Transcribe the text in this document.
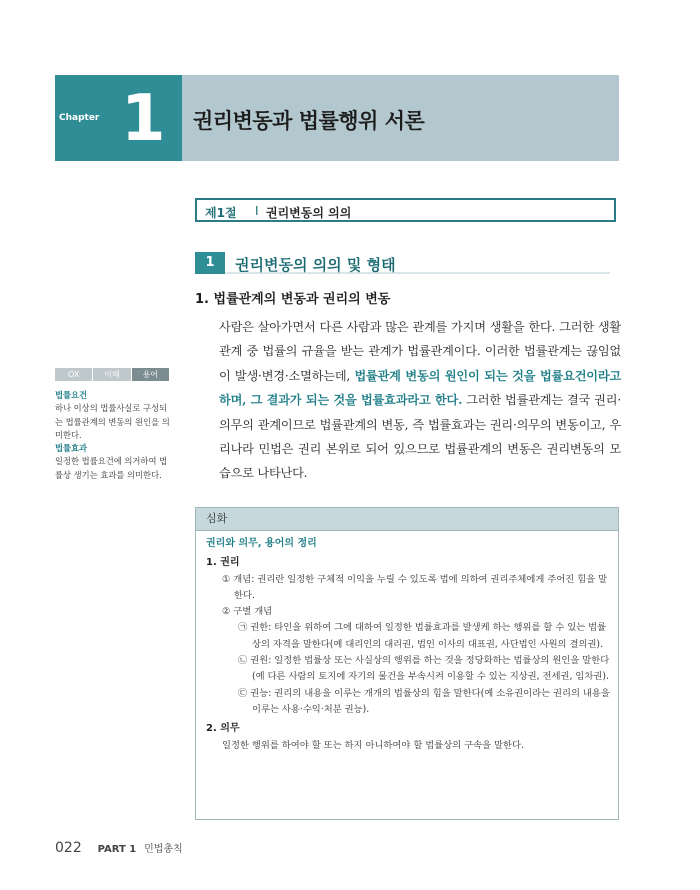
Chapter 1 권리변동과 법률행위 서론
제1절 I 권리변동의 의의
1	권리변동의 의의 및 형태
1. 법률관계의 변동과 권리의 변동
사람은 살아가면서 다른 사람과 많은 관계를 가지며 생활을 한다. 그러한 생활관계 중 법률의 규율을 받는 관계가 법률관계이다. 이러한 법률관계는 끊임없이 발생·변경·소멸하는데, 법률관계 변동의 원인이 되는 것을 법률요건이라고 하며, 그 결과가 되는 것을 법률효과라고 한다. 그러한 법률관계는 결국 권리·의무의 관계이므로 법률관계의 변동, 즉 법률효과는 권리·의무의 변동이고, 우리나라 민법은 권리 본위로 되어 있으므로 법률관계의 변동은 권리변동의 모습으로 나타난다.
OX	이해	용어
법률요건
하나 이상의 법률사실로 구성되는 법률관계의 변동의 원인을 의미한다.
법률효과
일정한 법률요건에 의거하여 법률상 생기는 효과를 의미한다.
심화
권리와 의무, 용어의 정리
1. 권리
① 개념: 권리란 일정한 구체적 이익을 누릴 수 있도록 법에 의하여 권리주체에게 주어진 힘을 말한다.
② 구별 개념
㉠ 권한: 타인을 위하여 그에 대하여 일정한 법률효과를 발생케 하는 행위를 할 수 있는 법률상의 자격을 말한다(예 대리인의 대리권, 법인 이사의 대표권, 사단법인 사원의 결의권).
㉡ 권원: 일정한 법률상 또는 사실상의 행위를 하는 것을 정당화하는 법률상의 원인을 말한다(예 다른 사람의 토지에 자기의 물건을 부속시켜 이용할 수 있는 지상권, 전세권, 임차권).
㉢ 권능: 권리의 내용을 이루는 개개의 법률상의 힘을 말한다(예 소유권이라는 권리의 내용을 이루는 사용·수익·처분 권능).
2. 의무
일정한 행위를 하여야 할 또는 하지 아니하여야 할 법률상의 구속을 말한다.
022 PART 1 민법총칙
